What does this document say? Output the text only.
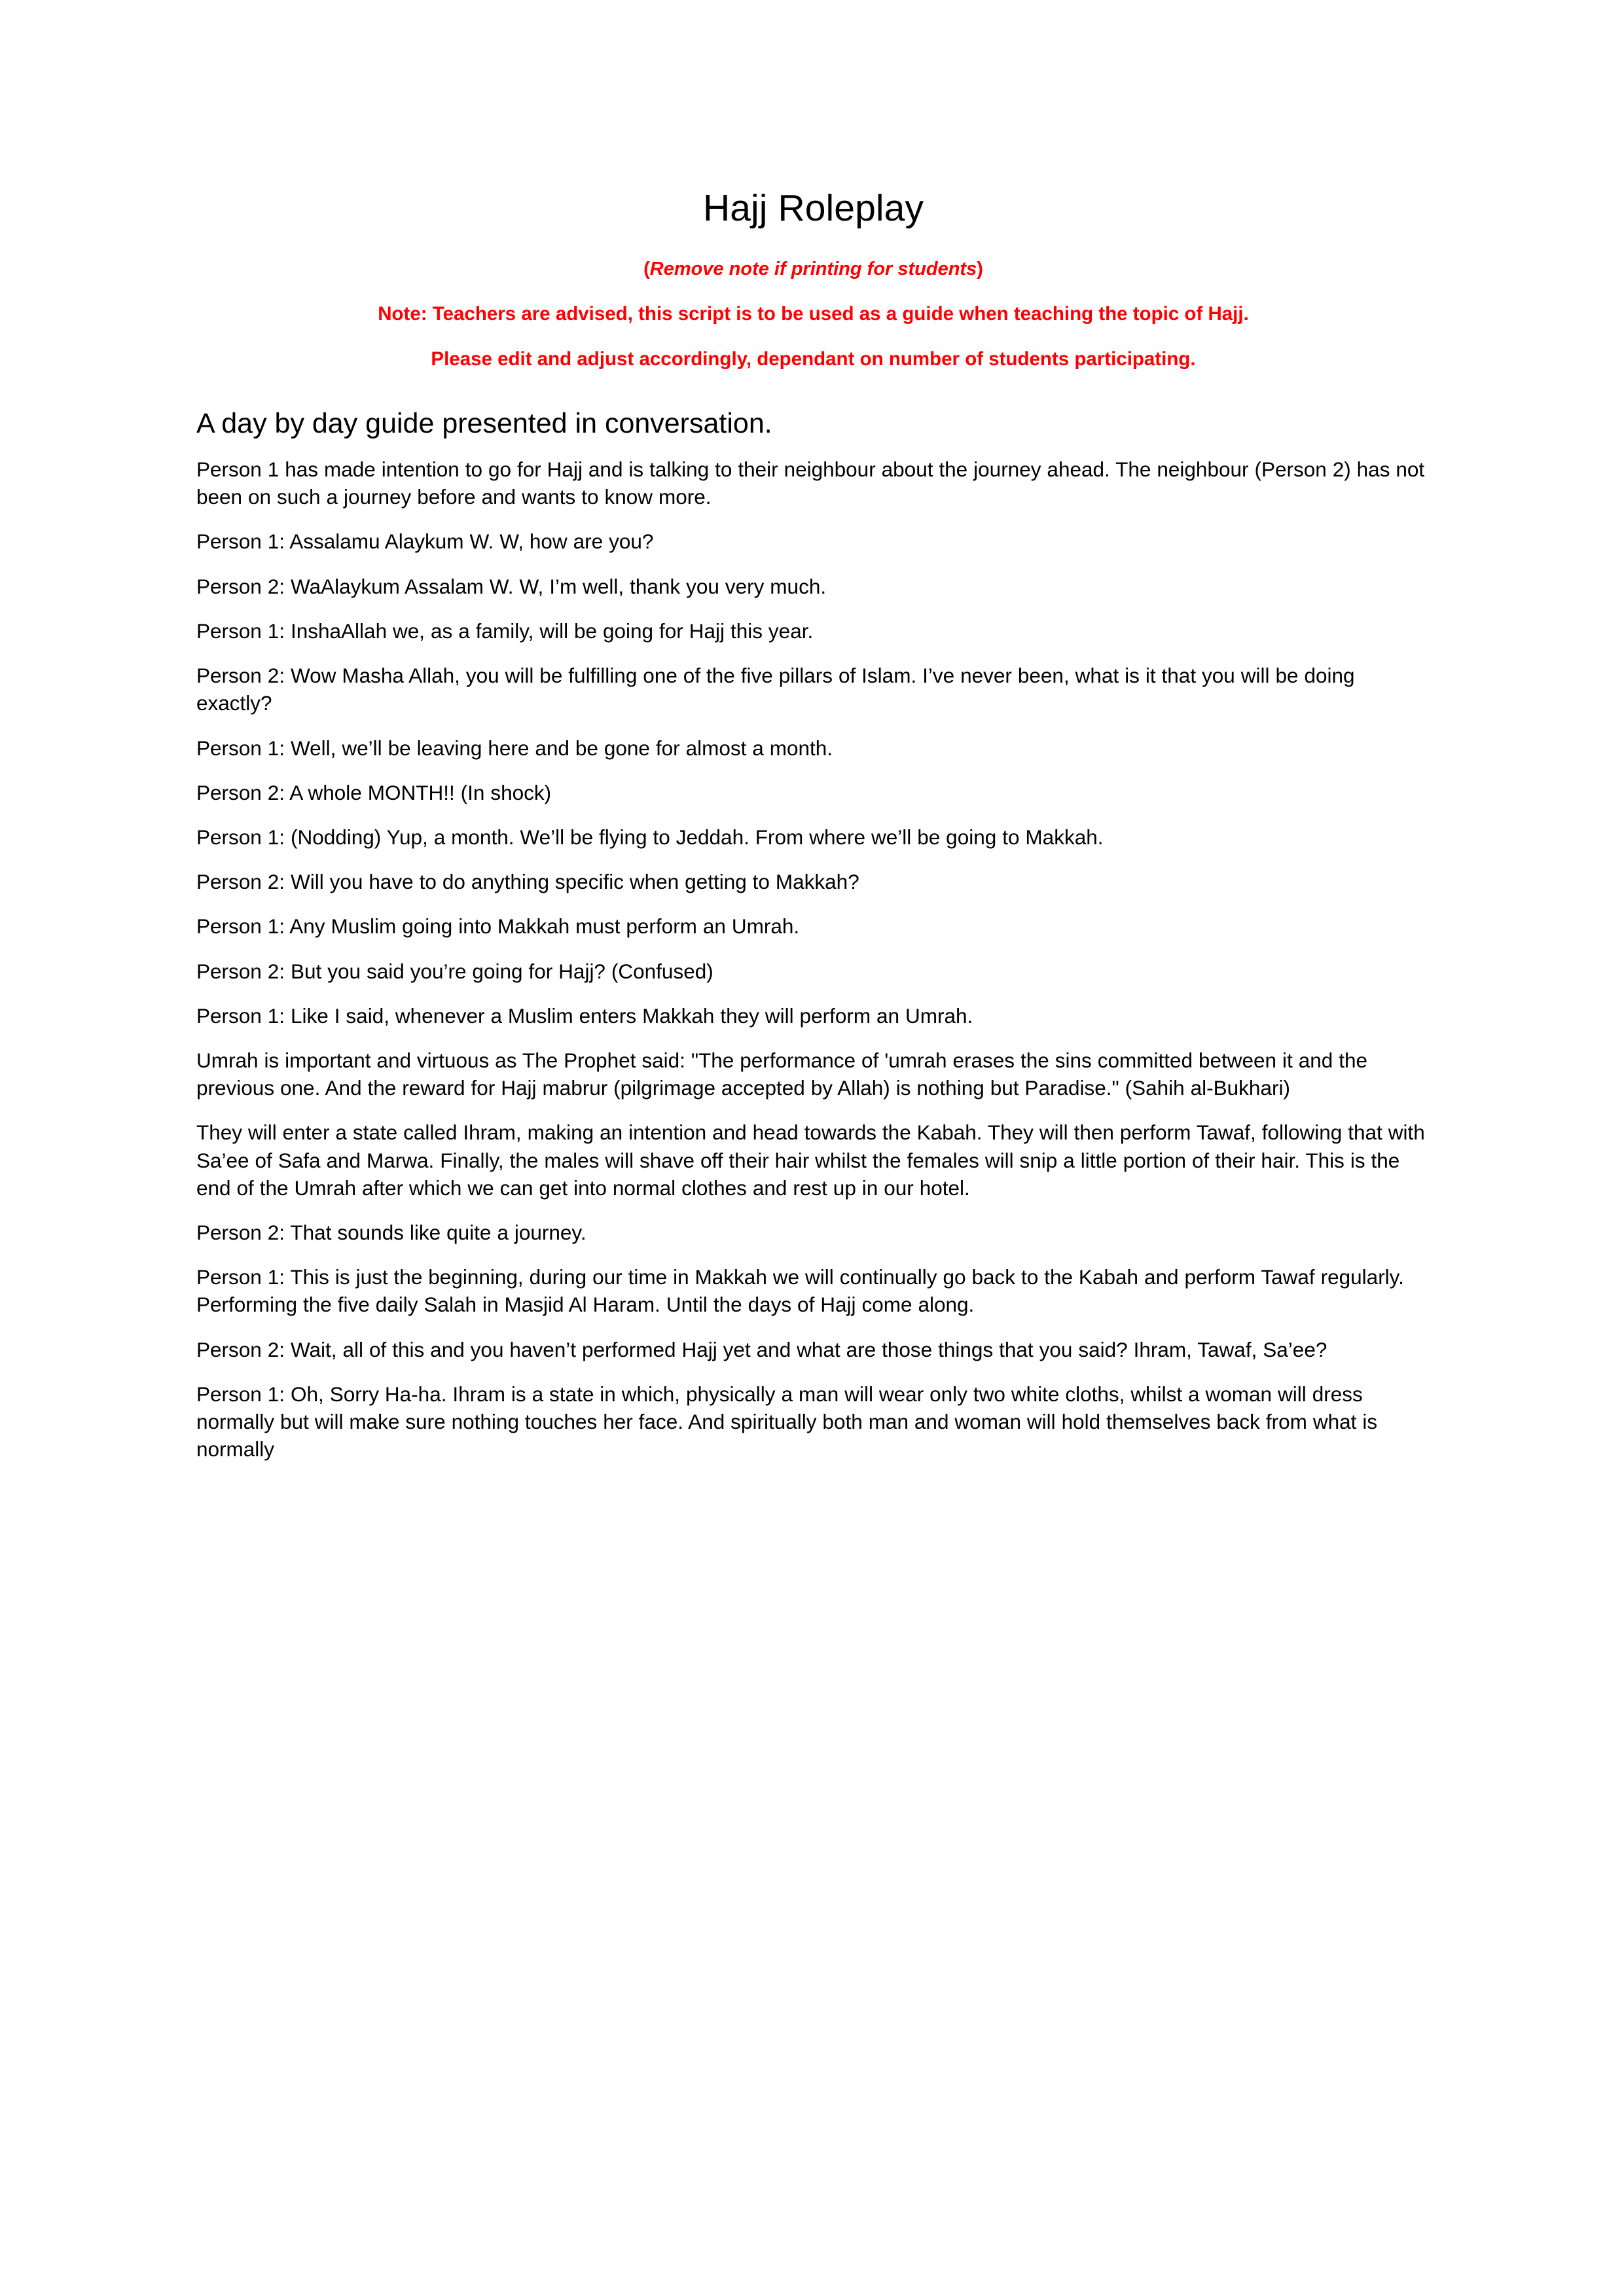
Hajj Roleplay

(Remove note if printing for students)

Note: Teachers are advised, this script is to be used as a guide when teaching the topic of Hajj.

Please edit and adjust accordingly, dependant on number of students participating.

A day by day guide presented in conversation.

Person 1 has made intention to go for Hajj and is talking to their neighbour about the journey ahead. The neighbour (Person 2) has not been on such a journey before and wants to know more.

Person 1: Assalamu Alaykum W. W, how are you?

Person 2: WaAlaykum Assalam W. W, I’m well, thank you very much.

Person 1: InshaAllah we, as a family, will be going for Hajj this year.

Person 2: Wow Masha Allah, you will be fulfilling one of the five pillars of Islam. I’ve never been, what is it that you will be doing exactly?

Person 1: Well, we’ll be leaving here and be gone for almost a month.

Person 2: A whole MONTH!! (In shock)

Person 1: (Nodding) Yup, a month. We’ll be flying to Jeddah. From where we’ll be going to Makkah.

Person 2: Will you have to do anything specific when getting to Makkah?

Person 1: Any Muslim going into Makkah must perform an Umrah.

Person 2: But you said you’re going for Hajj? (Confused)

Person 1: Like I said, whenever a Muslim enters Makkah they will perform an Umrah.

Umrah is important and virtuous as The Prophet said: "The performance of 'umrah erases the sins committed between it and the previous one. And the reward for Hajj mabrur (pilgrimage accepted by Allah) is nothing but Paradise." (Sahih al-Bukhari)

They will enter a state called Ihram, making an intention and head towards the Kabah. They will then perform Tawaf, following that with Sa’ee of Safa and Marwa. Finally, the males will shave off their hair whilst the females will snip a little portion of their hair. This is the end of the Umrah after which we can get into normal clothes and rest up in our hotel.

Person 2: That sounds like quite a journey.

Person 1: This is just the beginning, during our time in Makkah we will continually go back to the Kabah and perform Tawaf regularly. Performing the five daily Salah in Masjid Al Haram. Until the days of Hajj come along.

Person 2: Wait, all of this and you haven’t performed Hajj yet and what are those things that you said? Ihram, Tawaf, Sa’ee?

Person 1: Oh, Sorry Ha-ha. Ihram is a state in which, physically a man will wear only two white cloths, whilst a woman will dress normally but will make sure nothing touches her face. And spiritually both man and woman will hold themselves back from what is normally
